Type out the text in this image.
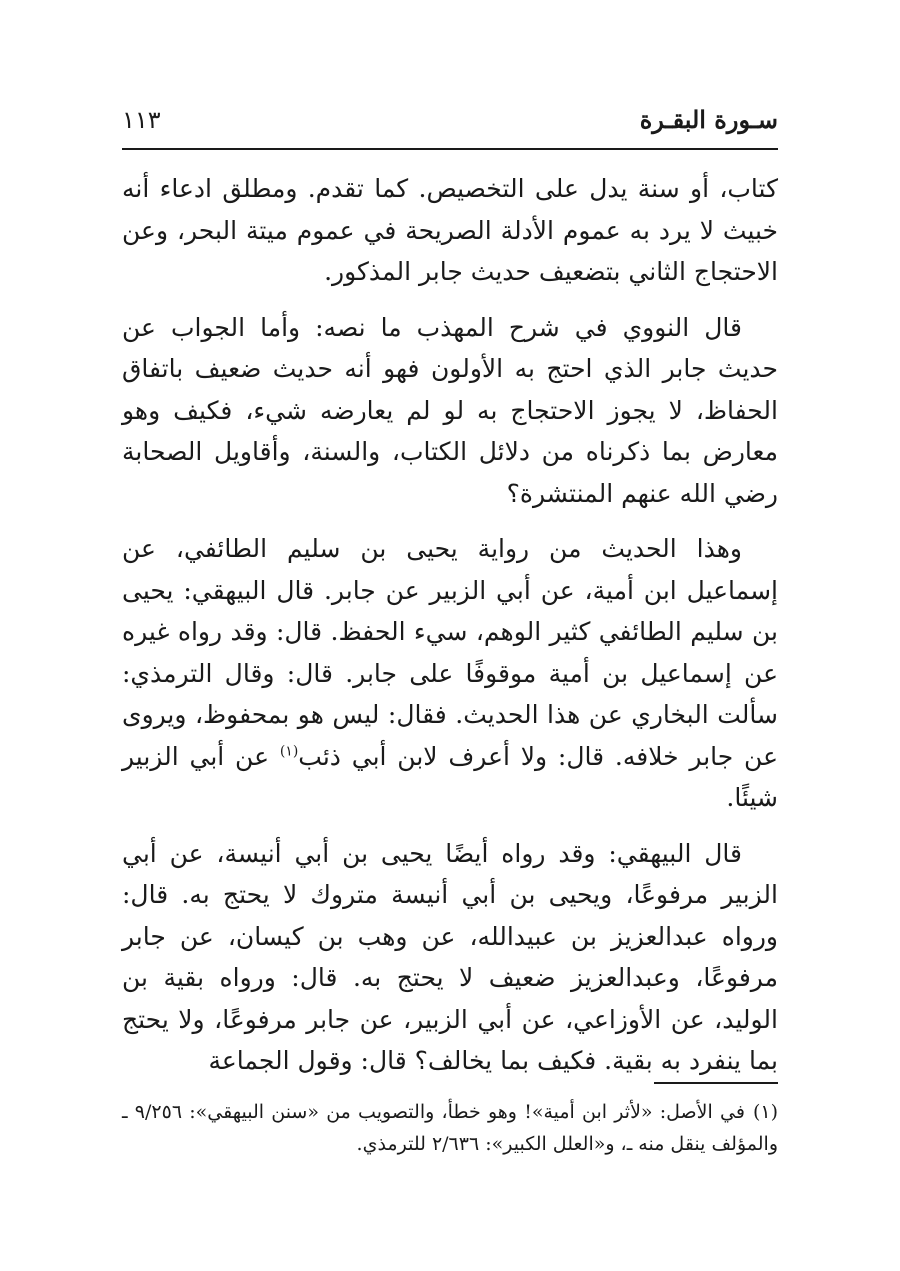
سـورة البقـرة
١١٣

كتاب، أو سنة يدل على التخصيص. كما تقدم. ومطلق ادعاء أنه خبيث لا يرد به عموم الأدلة الصريحة في عموم ميتة البحر، وعن الاحتجاج الثاني بتضعيف حديث جابر المذكور.

قال النووي في شرح المهذب ما نصه: وأما الجواب عن حديث جابر الذي احتج به الأولون فهو أنه حديث ضعيف باتفاق الحفاظ، لا يجوز الاحتجاج به لو لم يعارضه شيء، فكيف وهو معارض بما ذكرناه من دلائل الكتاب، والسنة، وأقاويل الصحابة رضي الله عنهم المنتشرة؟

وهذا الحديث من رواية يحيى بن سليم الطائفي، عن إسماعيل ابن أمية، عن أبي الزبير عن جابر. قال البيهقي: يحيى بن سليم الطائفي كثير الوهم، سيء الحفظ. قال: وقد رواه غيره عن إسماعيل بن أمية موقوفًا على جابر. قال: وقال الترمذي: سألت البخاري عن هذا الحديث. فقال: ليس هو بمحفوظ، ويروى عن جابر خلافه. قال: ولا أعرف لابن أبي ذئب$^{(١)}$ عن أبي الزبير شيئًا.

قال البيهقي: وقد رواه أيضًا يحيى بن أبي أنيسة، عن أبي الزبير مرفوعًا، ويحيى بن أبي أنيسة متروك لا يحتج به. قال: ورواه عبدالعزيز بن عبيدالله، عن وهب بن كيسان، عن جابر مرفوعًا، وعبدالعزيز ضعيف لا يحتج به. قال: ورواه بقية بن الوليد، عن الأوزاعي، عن أبي الزبير، عن جابر مرفوعًا، ولا يحتج بما ينفرد به بقية. فكيف بما يخالف؟ قال: وقول الجماعة

(١)في الأصل: «لأثر ابن أمية»! وهو خطأ، والتصويب من «سنن البيهقي»: ٩/٢٥٦ ـ والمؤلف ينقل منه ـ، و«العلل الكبير»: ٢/٦٣٦ للترمذي.
